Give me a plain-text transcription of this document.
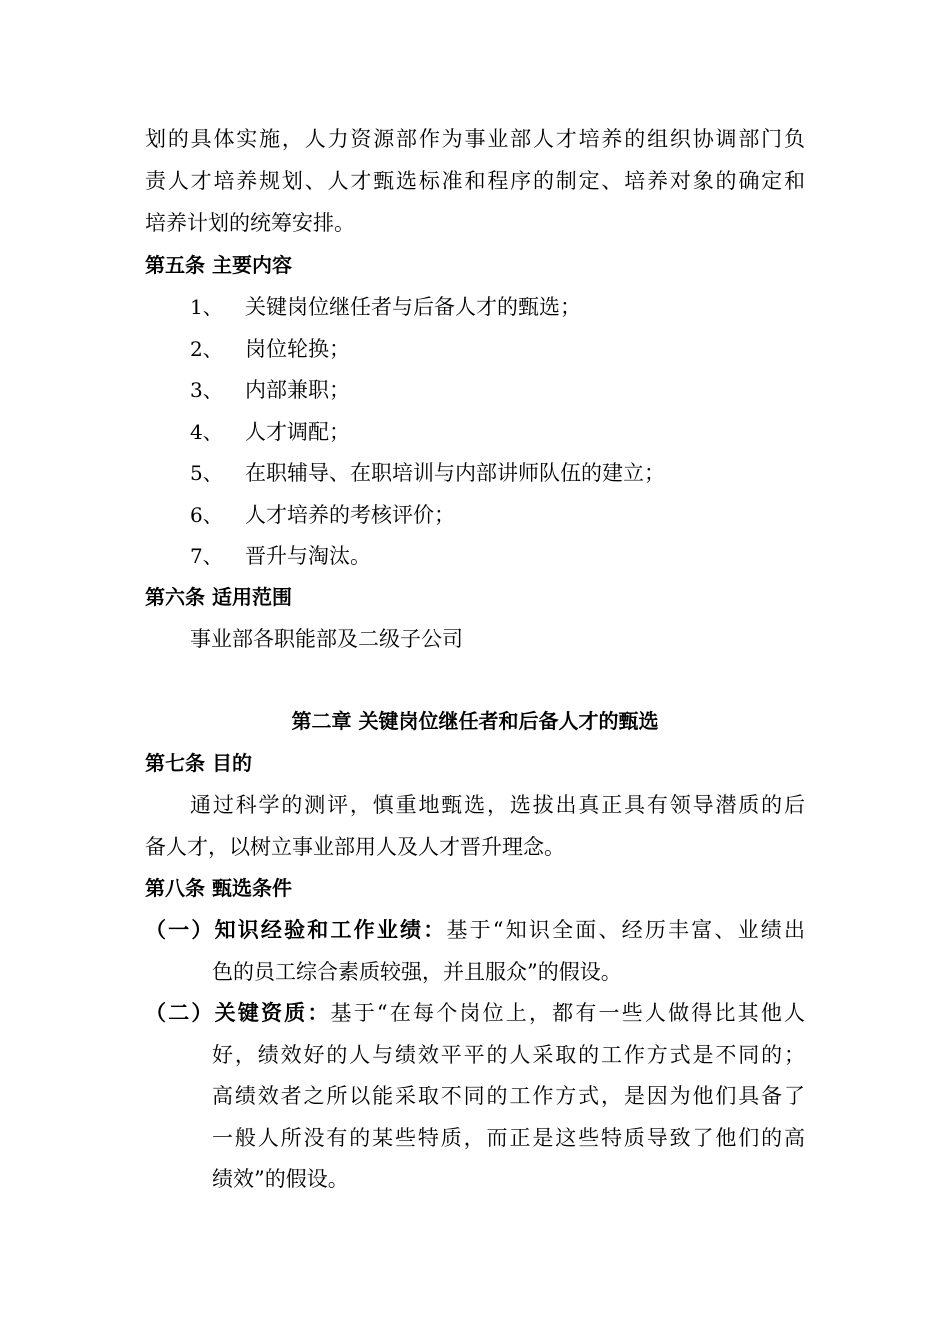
划的具体实施，人力资源部作为事业部人才培养的组织协调部门负
责人才培养规划、人才甄选标准和程序的制定、培养对象的确定和
培养计划的统筹安排。
第五条 主要内容
1、 关键岗位继任者与后备人才的甄选；
2、 岗位轮换；
3、 内部兼职；
4、 人才调配；
5、 在职辅导、在职培训与内部讲师队伍的建立；
6、 人才培养的考核评价；
7、 晋升与淘汰。
第六条 适用范围
事业部各职能部及二级子公司
第二章 关键岗位继任者和后备人才的甄选
第七条 目的
通过科学的测评，慎重地甄选，选拔出真正具有领导潜质的后
备人才，以树立事业部用人及人才晋升理念。
第八条 甄选条件
（一）知识经验和工作业绩：基于“知识全面、经历丰富、业绩出
色的员工综合素质较强，并且服众”的假设。
（二）关键资质：基于“在每个岗位上，都有一些人做得比其他人
好，绩效好的人与绩效平平的人采取的工作方式是不同的；
高绩效者之所以能采取不同的工作方式，是因为他们具备了
一般人所没有的某些特质，而正是这些特质导致了他们的高
绩效”的假设。
